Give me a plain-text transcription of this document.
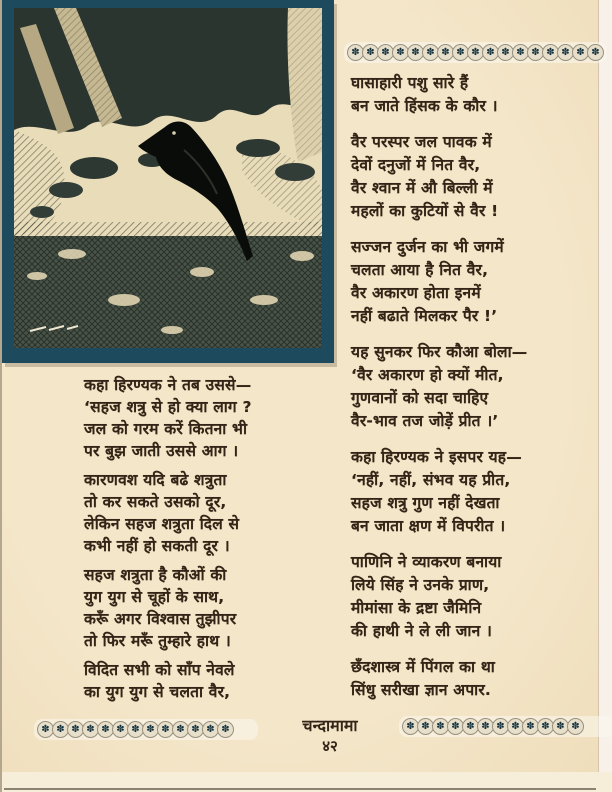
✽ ✽ ✽ ✽ ✽ ✽ ✽ ✽ ✽ ✽ ✽ ✽ ✽ ✽ ✽ ✽ ✽
✽ ✽ ✽ ✽ ✽ ✽ ✽ ✽ ✽ ✽ ✽ ✽ ✽	✽ ✽ ✽ ✽ ✽ ✽ ✽ ✽ ✽ ✽ ✽ ✽
कहा हिरण्यक ने तब उससे—
‘सहज शत्रु से हो क्या लाग ?
जल को गरम करें कितना भी
पर बुझ जाती उससे आग ।
कारणवश यदि बढे शत्रुता
तो कर सकते उसको दूर,
लेकिन सहज शत्रुता दिल से
कभी नहीं हो सकती दूर ।
सहज शत्रुता है कौओं की
युग युग से चूहों के साथ,
करूँ अगर विश्वास तुझीपर
तो फिर मरूँ तुम्हारे हाथ ।
विदित सभी को साँप नेवले
का युग युग से चलता वैर,
घासाहारी पशु सारे हैं
बन जाते हिंसक के कौर ।
वैर परस्पर जल पावक में
देवों दनुजों में नित वैर,
वैर श्वान में औ बिल्ली में
महलों का कुटियों से वैर !
सज्जन दुर्जन का भी जगमें
चलता आया है नित वैर,
वैर अकारण होता इनमें
नहीं बढाते मिलकर पैर !’
यह सुनकर फिर कौआ बोला—
‘वैर अकारण हो क्यों मीत,
गुणवानों को सदा चाहिए
वैर-भाव तज जोड़ें प्रीत ।’
कहा हिरण्यक ने इसपर यह—
‘नहीं, नहीं, संभव यह प्रीत,
सहज शत्रु गुण नहीं देखता
बन जाता क्षण में विपरीत ।
पाणिनि ने व्याकरण बनाया
लिये सिंह ने उनके प्राण,
मीमांसा के द्रष्टा जैमिनि
की हाथी ने ले ली जान ।
छँदशास्त्र में पिंगल का था
सिंधु सरीखा ज्ञान अपार.
चन्दामामा
४२
